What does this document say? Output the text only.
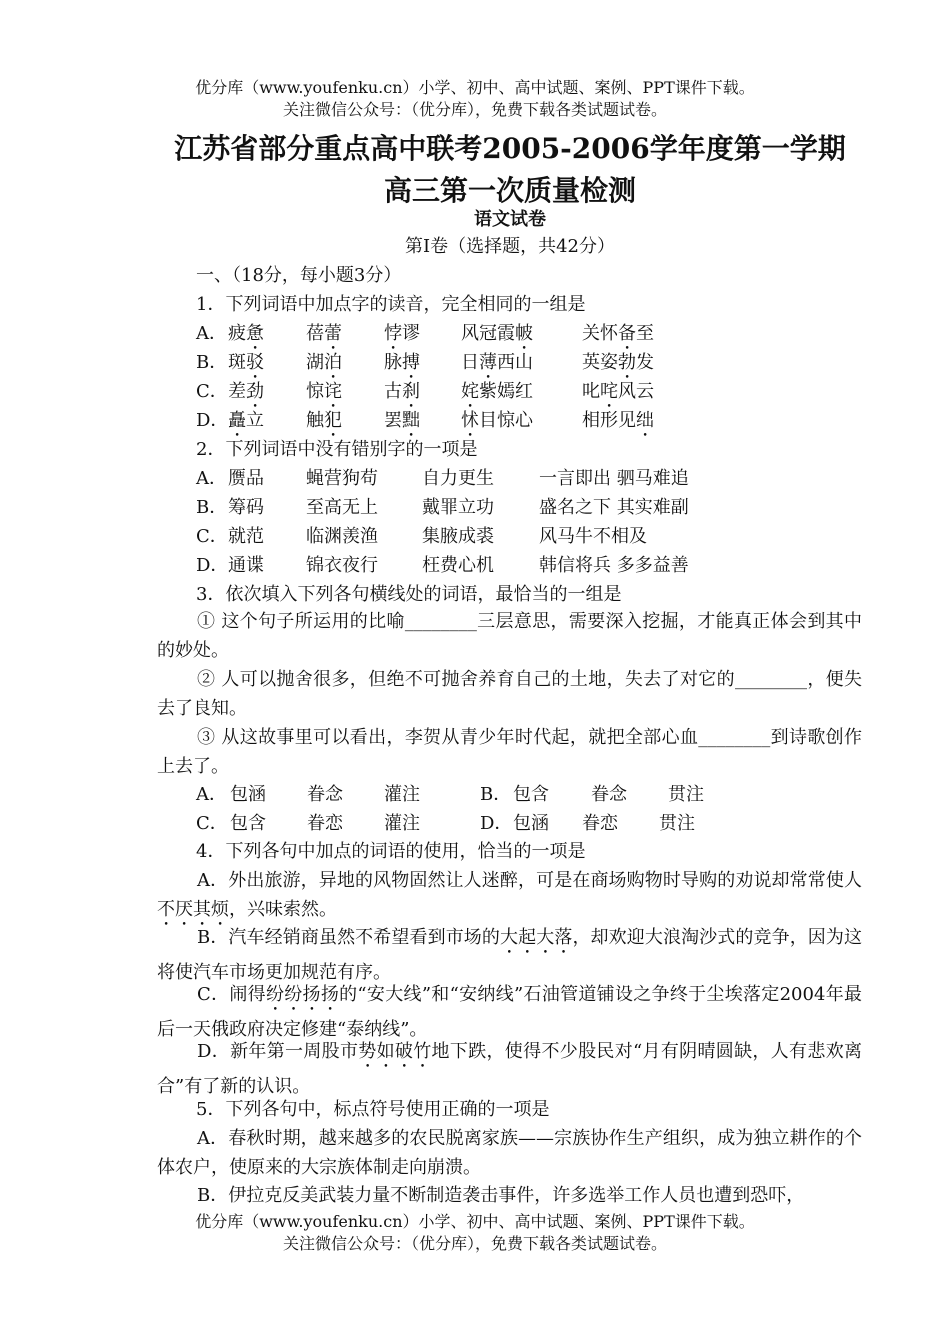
优分库（www.youfenku.cn）小学、初中、高中试题、案例、PPT课件下载。
关注微信公众号：（优分库），免费下载各类试题试卷。
江苏省部分重点高中联考2005-2006学年度第一学期
高三第一次质量检测
语文试卷
第I卷（选择题，共42分）
一、（18分，每小题3分）
1．下列词语中加点字的读音，完全相同的一组是
A． 疲惫 蓓蕾 悖谬 风冠霞帔	关怀备至
B． 斑驳 湖泊 脉搏 日薄西山	英姿勃发
C． 差劲 惊诧 古刹 姹紫嫣红	叱咤风云
D． 矗立 触犯 罢黜 怵目惊心	相形见绌
2．下列词语中没有错别字的一项是
A． 赝品 蝇营狗苟 自力更生	一言即出 驷马难追
B． 筹码 至高无上 戴罪立功	盛名之下 其实难副
C． 就范 临渊羡渔 集腋成裘	风马牛不相及
D． 通谍 锦衣夜行 枉费心机	韩信将兵 多多益善
3．依次填入下列各句横线处的词语，最恰当的一组是
① 这个句子所运用的比喻________三层意思，需要深入挖掘，才能真正体会到其中的妙处。
② 人可以抛舍很多，但绝不可抛舍养育自己的土地，失去了对它的________，便失去了良知。
③ 从这故事里可以看出，李贺从青少年时代起，就把全部心血________到诗歌创作上去了。
A． 包涵 眷念 灌注	B． 包含 眷念 贯注
C． 包含 眷恋 灌注	D． 包涵 眷恋 贯注
4．下列各句中加点的词语的使用，恰当的一项是
A．外出旅游，异地的风物固然让人迷醉，可是在商场购物时导购的劝说却常常使人不厌其烦，兴味索然。
B．汽车经销商虽然不希望看到市场的大起大落，却欢迎大浪淘沙式的竞争，因为这将使汽车市场更加规范有序。
C．闹得纷纷扬扬的“安大线”和“安纳线”石油管道铺设之争终于尘埃落定2004年最后一天俄政府决定修建“泰纳线”。
D．新年第一周股市势如破竹地下跌，使得不少股民对“月有阴晴圆缺，人有悲欢离合”有了新的认识。
5．下列各句中，标点符号使用正确的一项是
A．春秋时期，越来越多的农民脱离家族——宗族协作生产组织，成为独立耕作的个体农户，使原来的大宗族体制走向崩溃。
B．伊拉克反美武装力量不断制造袭击事件，许多选举工作人员也遭到恐吓，
优分库（www.youfenku.cn）小学、初中、高中试题、案例、PPT课件下载。
关注微信公众号：（优分库），免费下载各类试题试卷。
